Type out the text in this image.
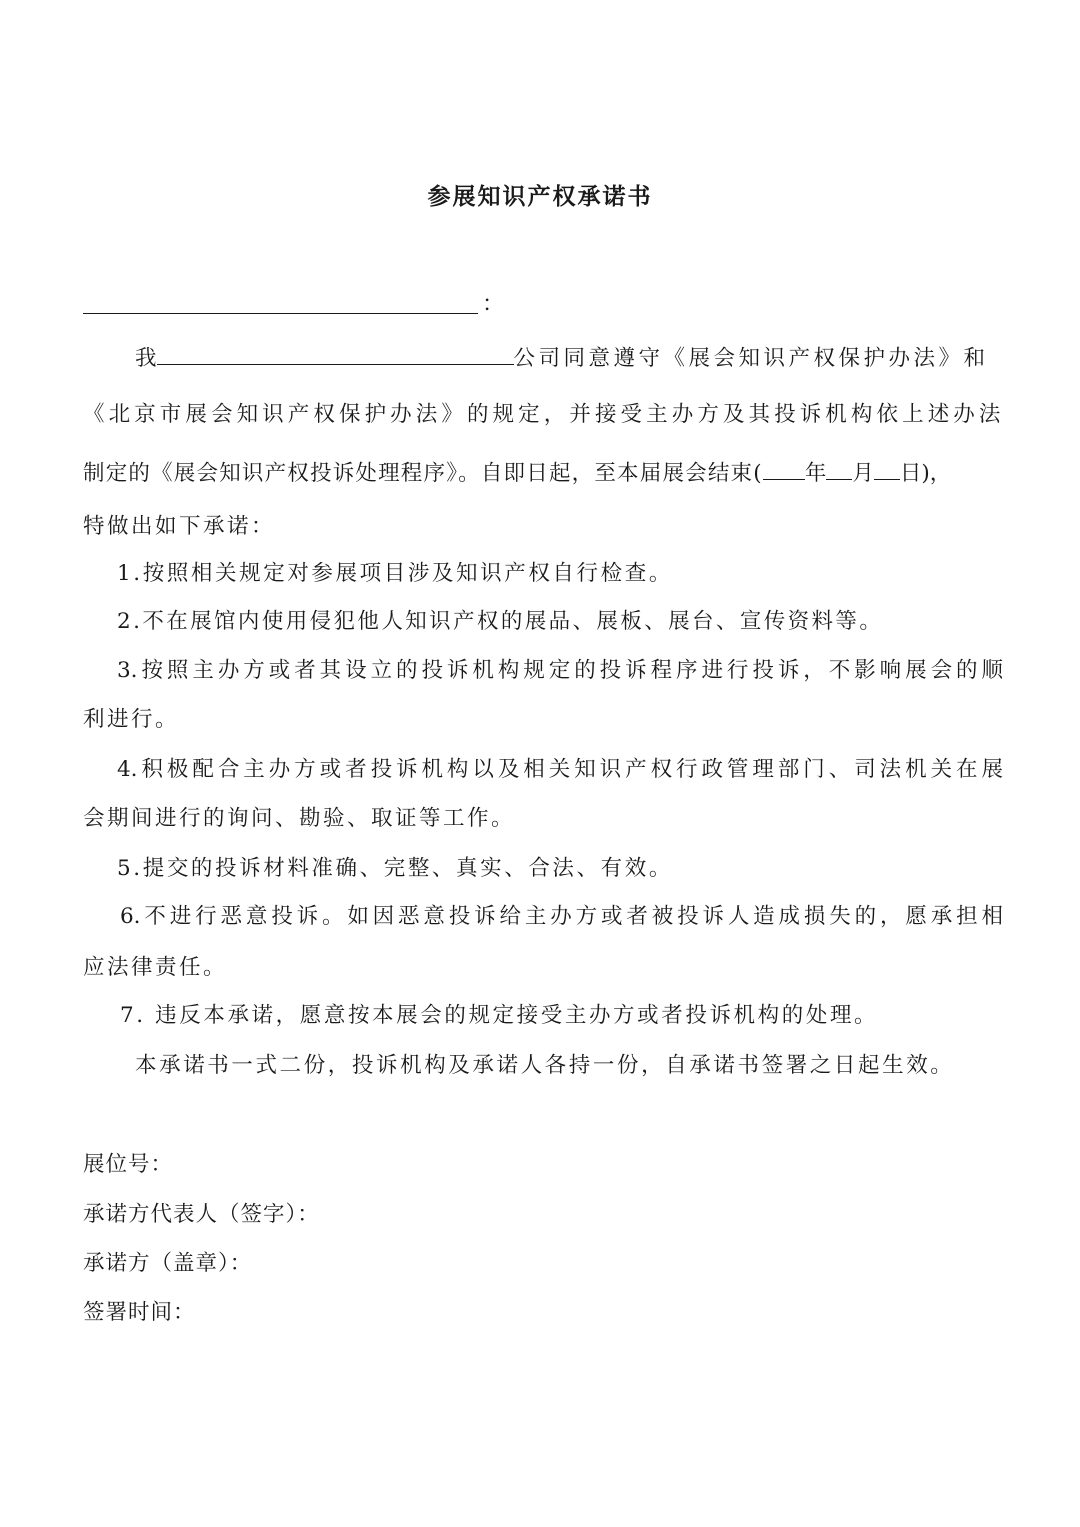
参展知识产权承诺书
：
我	公司同意遵守《展会知识产权保护办法》和
《北京市展会知识产权保护办法》的规定，并接受主办方及其投诉机构依上述办法
制定的《展会知识产权投诉处理程序》。自即日起，至本届展会结束( 年 月 日)，
特做出如下承诺：
1.按照相关规定对参展项目涉及知识产权自行检查。
2.不在展馆内使用侵犯他人知识产权的展品、展板、展台、宣传资料等。
3.按照主办方或者其设立的投诉机构规定的投诉程序进行投诉，不影响展会的顺
利进行。
4.积极配合主办方或者投诉机构以及相关知识产权行政管理部门、司法机关在展
会期间进行的询问、勘验、取证等工作。
5.提交的投诉材料准确、完整、真实、合法、有效。
6.不进行恶意投诉。如因恶意投诉给主办方或者被投诉人造成损失的，愿承担相
应法律责任。
7. 违反本承诺，愿意按本展会的规定接受主办方或者投诉机构的处理。
本承诺书一式二份，投诉机构及承诺人各持一份，自承诺书签署之日起生效。
展位号：
承诺方代表人（签字）：
承诺方（盖章）：
签署时间：
